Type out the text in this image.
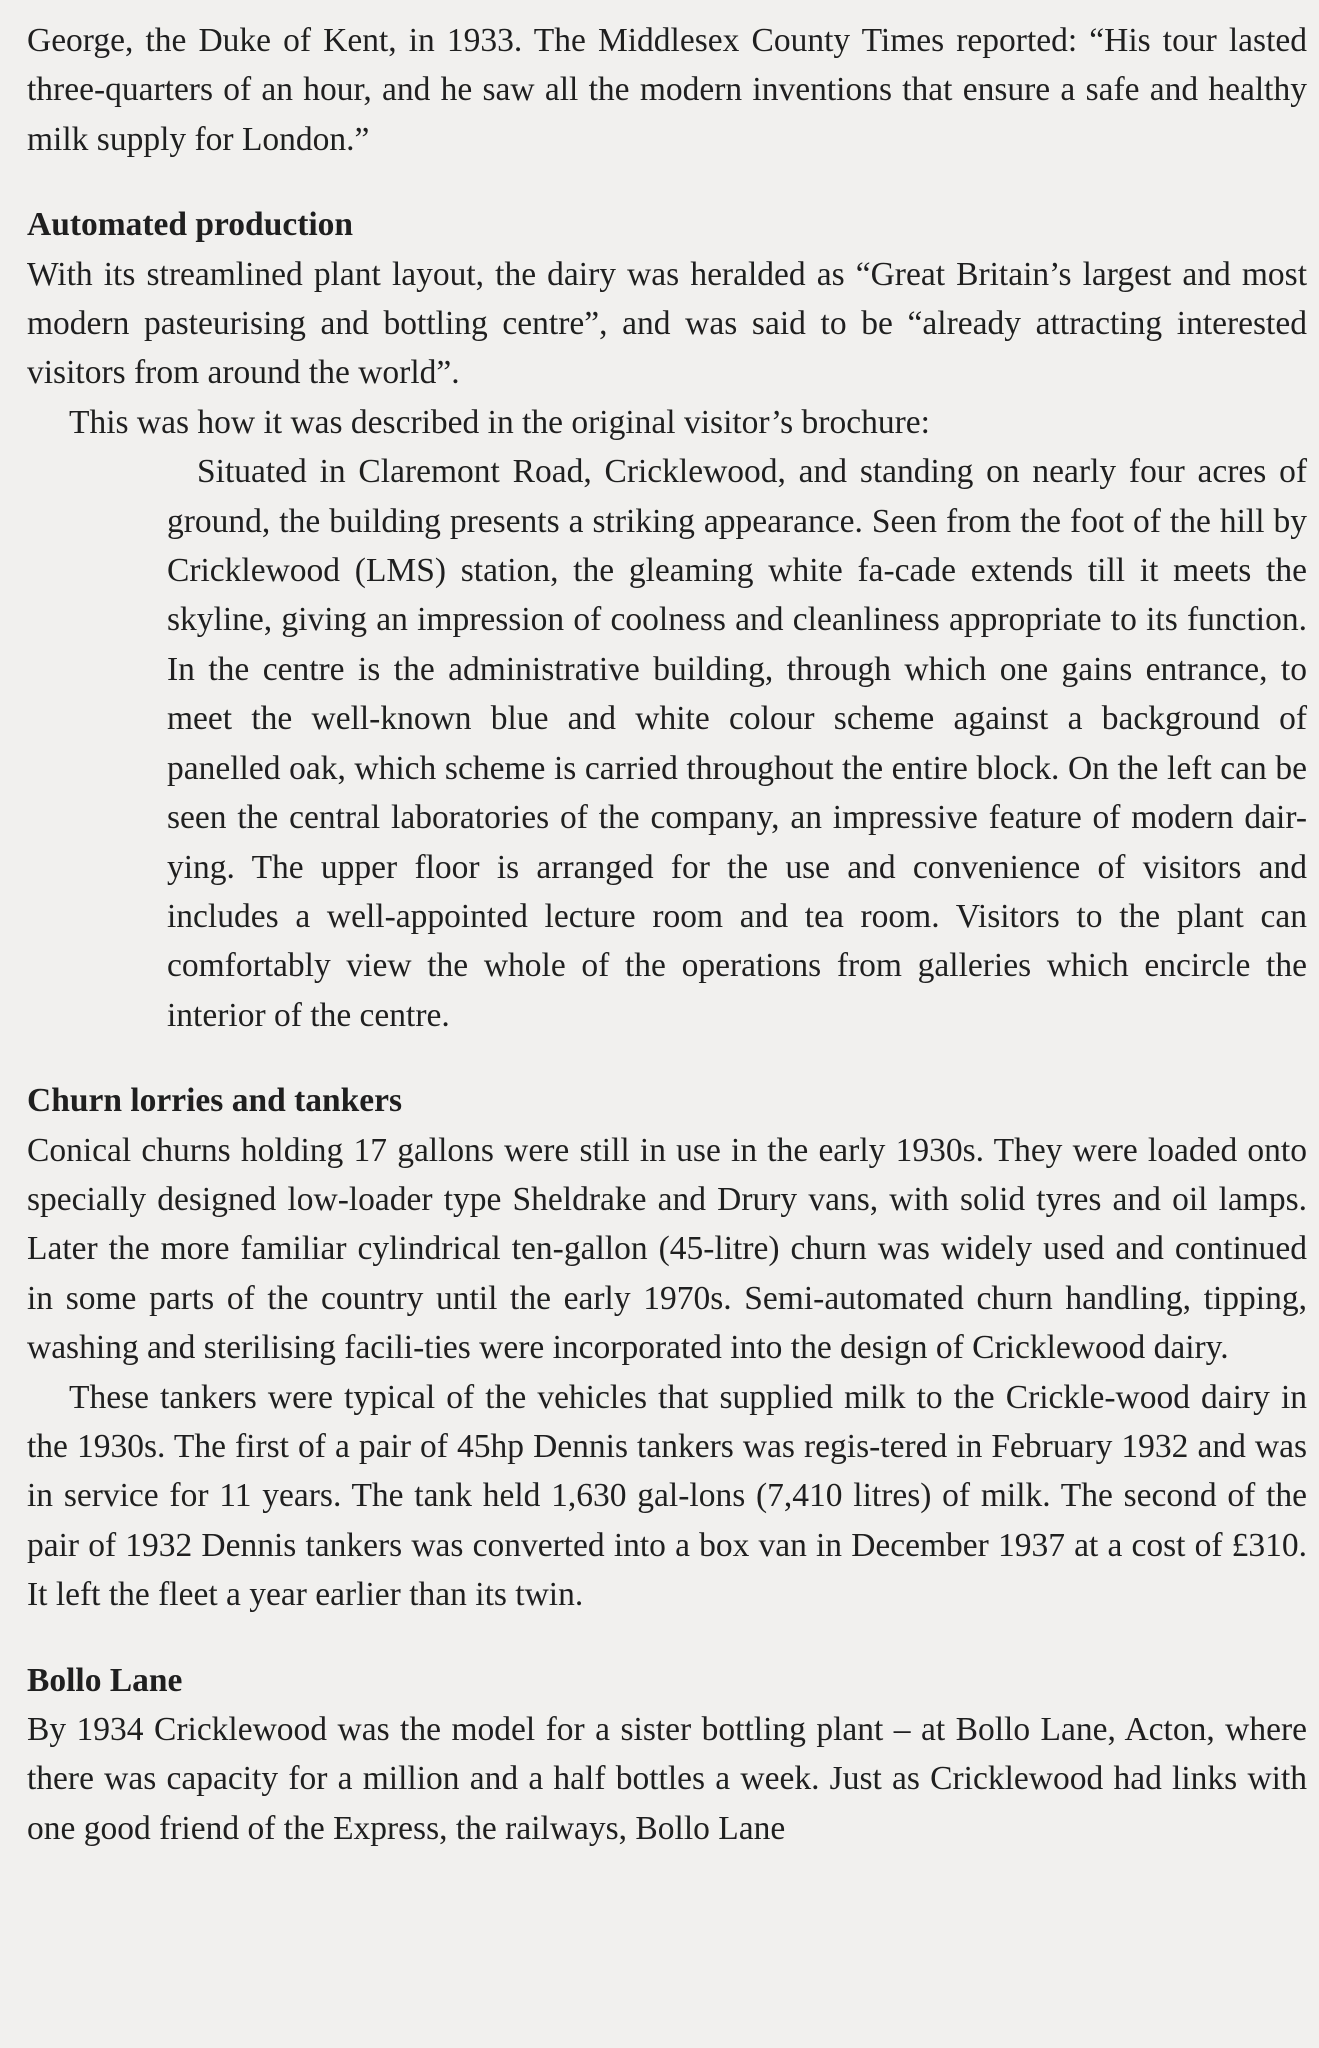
George, the Duke of Kent, in 1933. The Middlesex County Times reported: “His tour lasted three-quarters of an hour, and he saw all the modern inventions that ensure a safe and healthy milk supply for London.”

Automated production

With its streamlined plant layout, the dairy was heralded as “Great Britain’s largest and most modern pasteurising and bottling centre”, and was said to be “already attracting interested visitors from around the world”.

This was how it was described in the original visitor’s brochure:

Situated in Claremont Road, Cricklewood, and standing on nearly four acres of ground, the building presents a striking appearance. Seen from the foot of the hill by Cricklewood (LMS) station, the gleaming white fa-cade extends till it meets the skyline, giving an impression of coolness and cleanliness appropriate to its function. In the centre is the administrative building, through which one gains entrance, to meet the well-known blue and white colour scheme against a background of panelled oak, which scheme is carried throughout the entire block. On the left can be seen the central laboratories of the company, an impressive feature of modern dair-ying. The upper floor is arranged for the use and convenience of visitors and includes a well-appointed lecture room and tea room. Visitors to the plant can comfortably view the whole of the operations from galleries which encircle the interior of the centre.

Churn lorries and tankers

Conical churns holding 17 gallons were still in use in the early 1930s. They were loaded onto specially designed low-loader type Sheldrake and Drury vans, with solid tyres and oil lamps. Later the more familiar cylindrical ten-gallon (45-litre) churn was widely used and continued in some parts of the country until the early 1970s. Semi-automated churn handling, tipping, washing and sterilising facili-ties were incorporated into the design of Cricklewood dairy.

These tankers were typical of the vehicles that supplied milk to the Crickle-wood dairy in the 1930s. The first of a pair of 45hp Dennis tankers was regis-tered in February 1932 and was in service for 11 years. The tank held 1,630 gal-lons (7,410 litres) of milk. The second of the pair of 1932 Dennis tankers was converted into a box van in December 1937 at a cost of £310. It left the fleet a year earlier than its twin.

Bollo Lane

By 1934 Cricklewood was the model for a sister bottling plant – at Bollo Lane, Acton, where there was capacity for a million and a half bottles a week. Just as Cricklewood had links with one good friend of the Express, the railways, Bollo Lane
